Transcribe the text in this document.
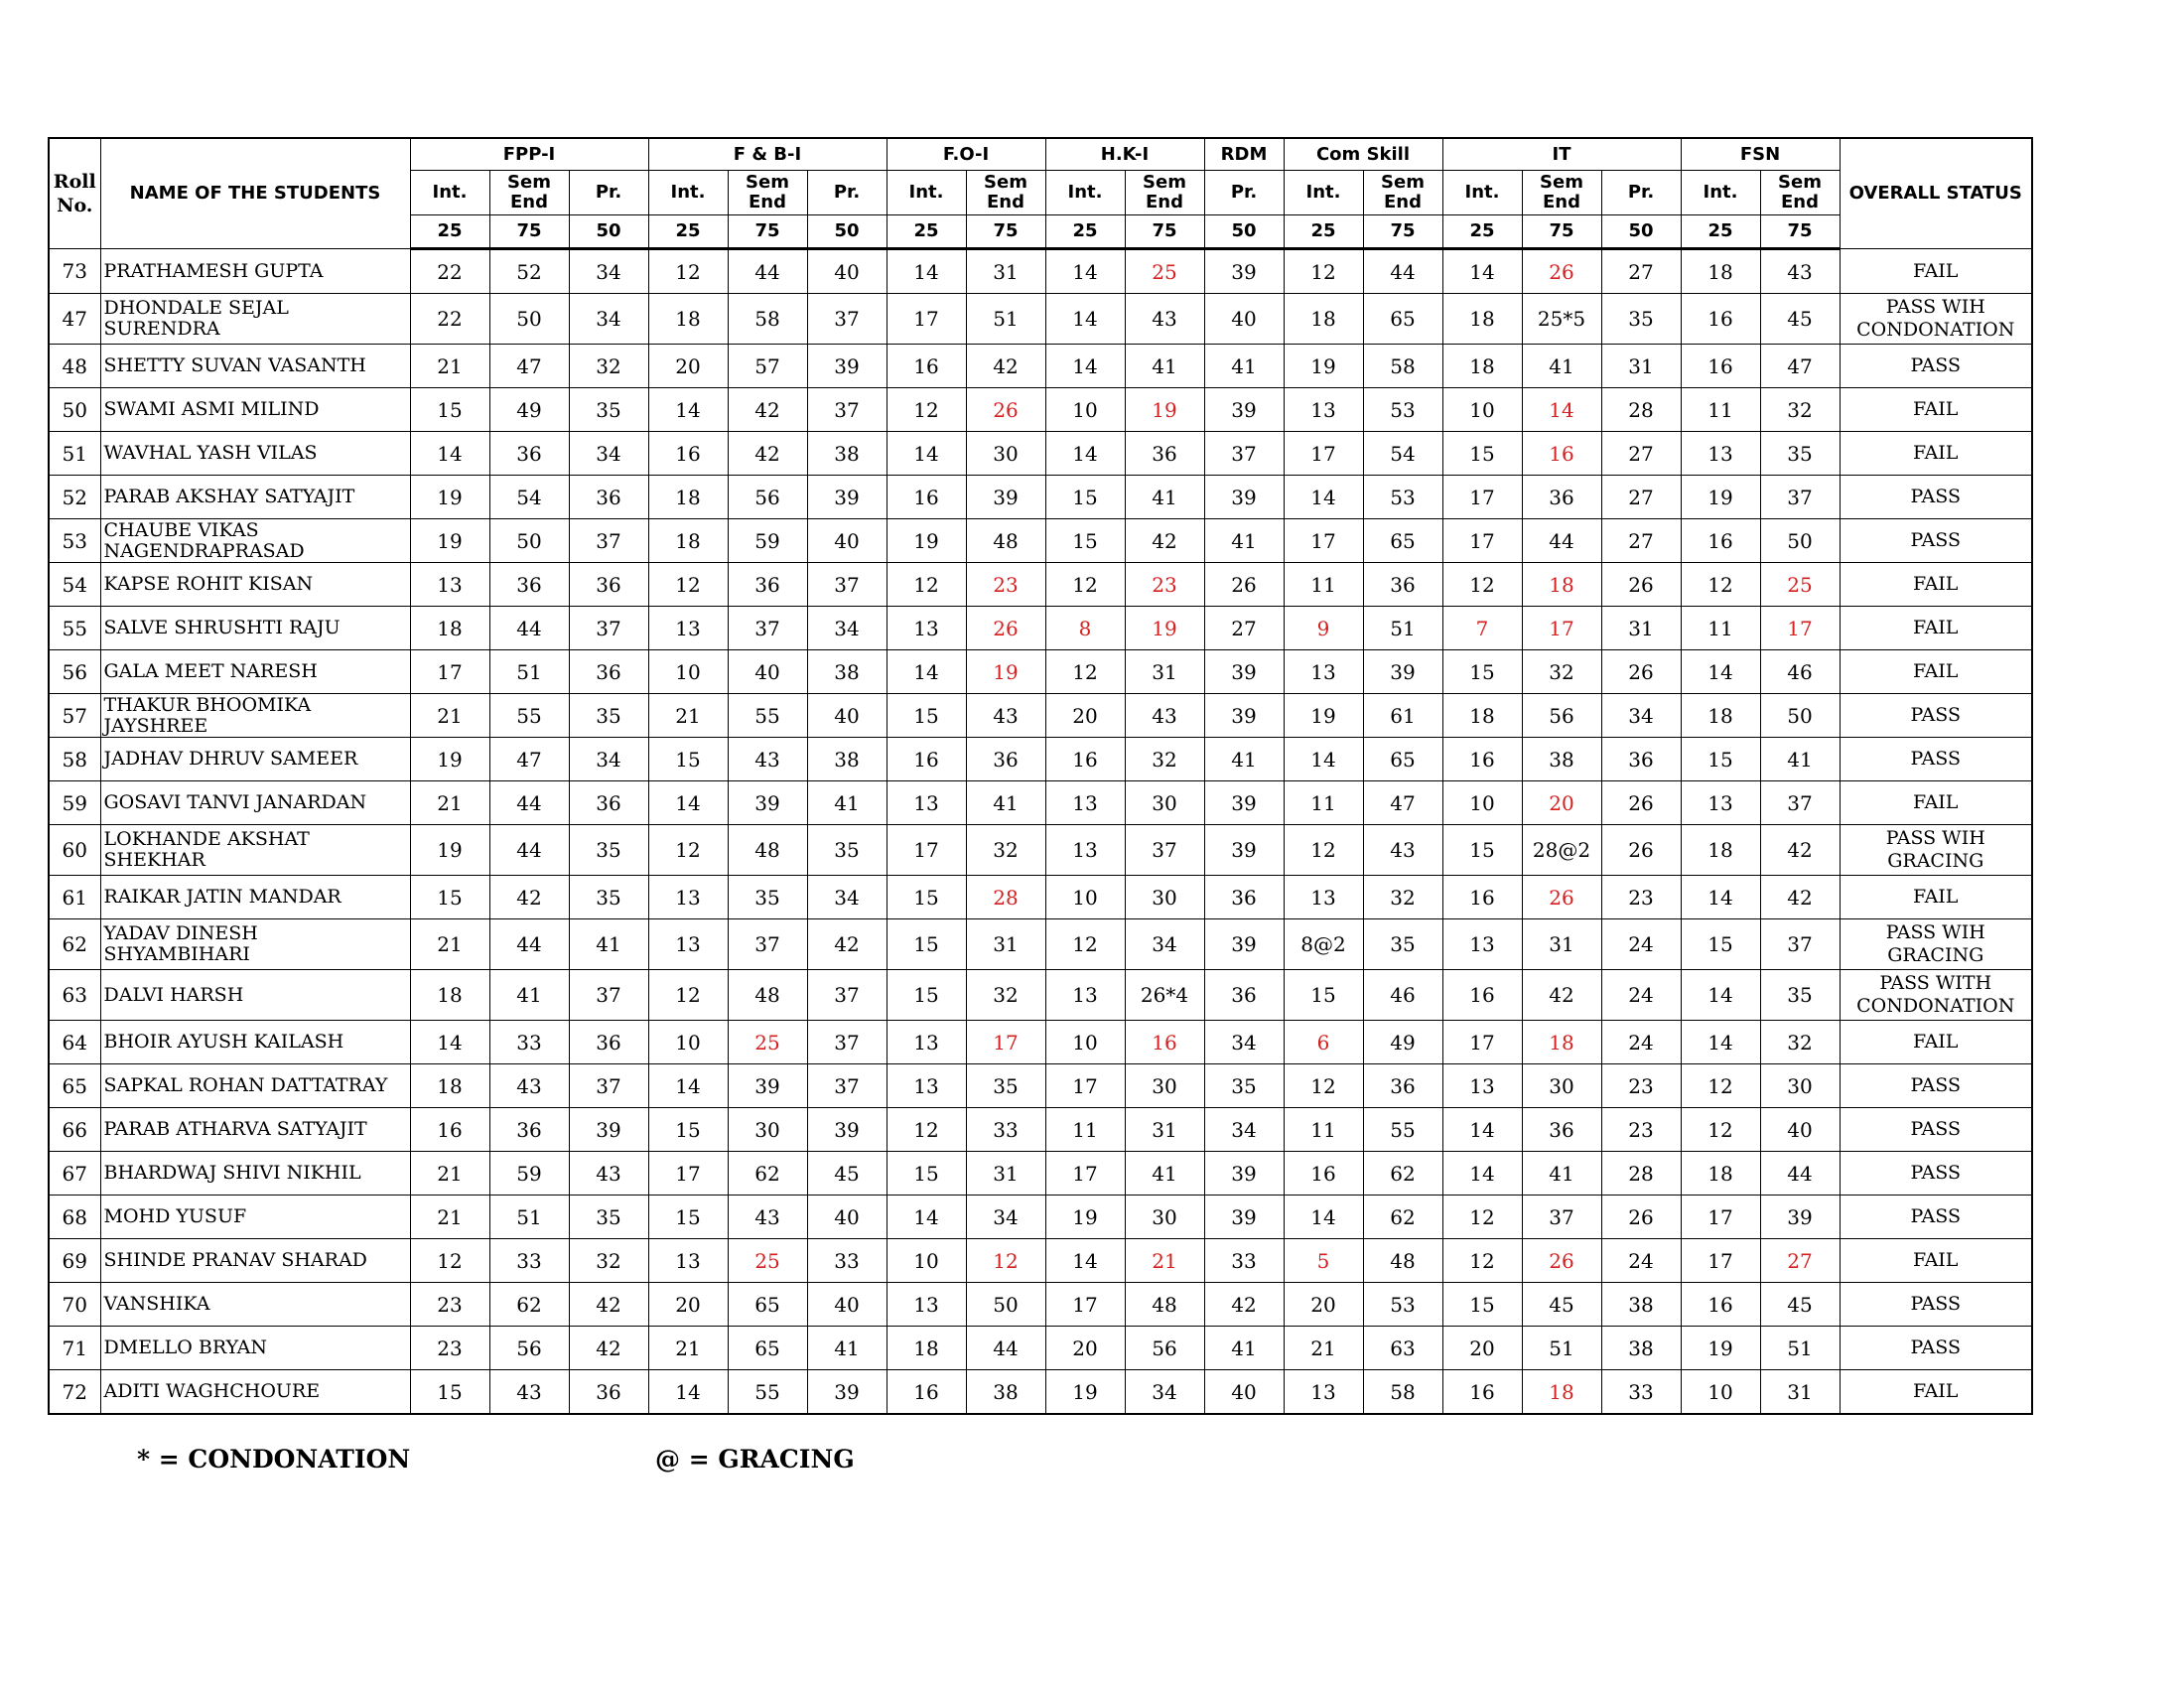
Roll No.	NAME OF THE STUDENTS	FPP-I			F & B-I			F.O-I		H.K-I		RDM	Com Skill		IT			FSN		OVERALL STATUS
		Int.	Sem End	Pr.	Int.	Sem End	Pr.	Int.	Sem End	Int.	Sem End	Pr.	Int.	Sem End	Int.	Sem End	Pr.	Int.	Sem End	
		25	75	50	25	75	50	25	75	25	75	50	25	75	25	75	50	25	75	
73	PRATHAMESH GUPTA	22	52	34	12	44	40	14	31	14	25	39	12	44	14	26	27	18	43	FAIL
47	DHONDALE SEJAL SURENDRA	22	50	34	18	58	37	17	51	14	43	40	18	65	18	25*5	35	16	45	PASS WIH CONDONATION
48	SHETTY SUVAN VASANTH	21	47	32	20	57	39	16	42	14	41	41	19	58	18	41	31	16	47	PASS
50	SWAMI ASMI MILIND	15	49	35	14	42	37	12	26	10	19	39	13	53	10	14	28	11	32	FAIL
51	WAVHAL YASH VILAS	14	36	34	16	42	38	14	30	14	36	37	17	54	15	16	27	13	35	FAIL
52	PARAB AKSHAY SATYAJIT	19	54	36	18	56	39	16	39	15	41	39	14	53	17	36	27	19	37	PASS
53	CHAUBE VIKAS NAGENDRAPRASAD	19	50	37	18	59	40	19	48	15	42	41	17	65	17	44	27	16	50	PASS
54	KAPSE ROHIT KISAN	13	36	36	12	36	37	12	23	12	23	26	11	36	12	18	26	12	25	FAIL
55	SALVE SHRUSHTI RAJU	18	44	37	13	37	34	13	26	8	19	27	9	51	7	17	31	11	17	FAIL
56	GALA MEET NARESH	17	51	36	10	40	38	14	19	12	31	39	13	39	15	32	26	14	46	FAIL
57	THAKUR BHOOMIKA JAYSHREE	21	55	35	21	55	40	15	43	20	43	39	19	61	18	56	34	18	50	PASS
58	JADHAV DHRUV SAMEER	19	47	34	15	43	38	16	36	16	32	41	14	65	16	38	36	15	41	PASS
59	GOSAVI TANVI JANARDAN	21	44	36	14	39	41	13	41	13	30	39	11	47	10	20	26	13	37	FAIL
60	LOKHANDE AKSHAT SHEKHAR	19	44	35	12	48	35	17	32	13	37	39	12	43	15	28@2	26	18	42	PASS WIH GRACING
61	RAIKAR JATIN MANDAR	15	42	35	13	35	34	15	28	10	30	36	13	32	16	26	23	14	42	FAIL
62	YADAV DINESH SHYAMBIHARI	21	44	41	13	37	42	15	31	12	34	39	8@2	35	13	31	24	15	37	PASS WIH GRACING
63	DALVI HARSH	18	41	37	12	48	37	15	32	13	26*4	36	15	46	16	42	24	14	35	PASS WITH CONDONATION
64	BHOIR AYUSH KAILASH	14	33	36	10	25	37	13	17	10	16	34	6	49	17	18	24	14	32	FAIL
65	SAPKAL ROHAN DATTATRAY	18	43	37	14	39	37	13	35	17	30	35	12	36	13	30	23	12	30	PASS
66	PARAB ATHARVA SATYAJIT	16	36	39	15	30	39	12	33	11	31	34	11	55	14	36	23	12	40	PASS
67	BHARDWAJ SHIVI NIKHIL	21	59	43	17	62	45	15	31	17	41	39	16	62	14	41	28	18	44	PASS
68	MOHD YUSUF	21	51	35	15	43	40	14	34	19	30	39	14	62	12	37	26	17	39	PASS
69	SHINDE PRANAV SHARAD	12	33	32	13	25	33	10	12	14	21	33	5	48	12	26	24	17	27	FAIL
70	VANSHIKA	23	62	42	20	65	40	13	50	17	48	42	20	53	15	45	38	16	45	PASS
71	DMELLO BRYAN	23	56	42	21	65	41	18	44	20	56	41	21	63	20	51	38	19	51	PASS
72	ADITI WAGHCHOURE	15	43	36	14	55	39	16	38	19	34	40	13	58	16	18	33	10	31	FAIL
* = CONDONATION	@ = GRACING
